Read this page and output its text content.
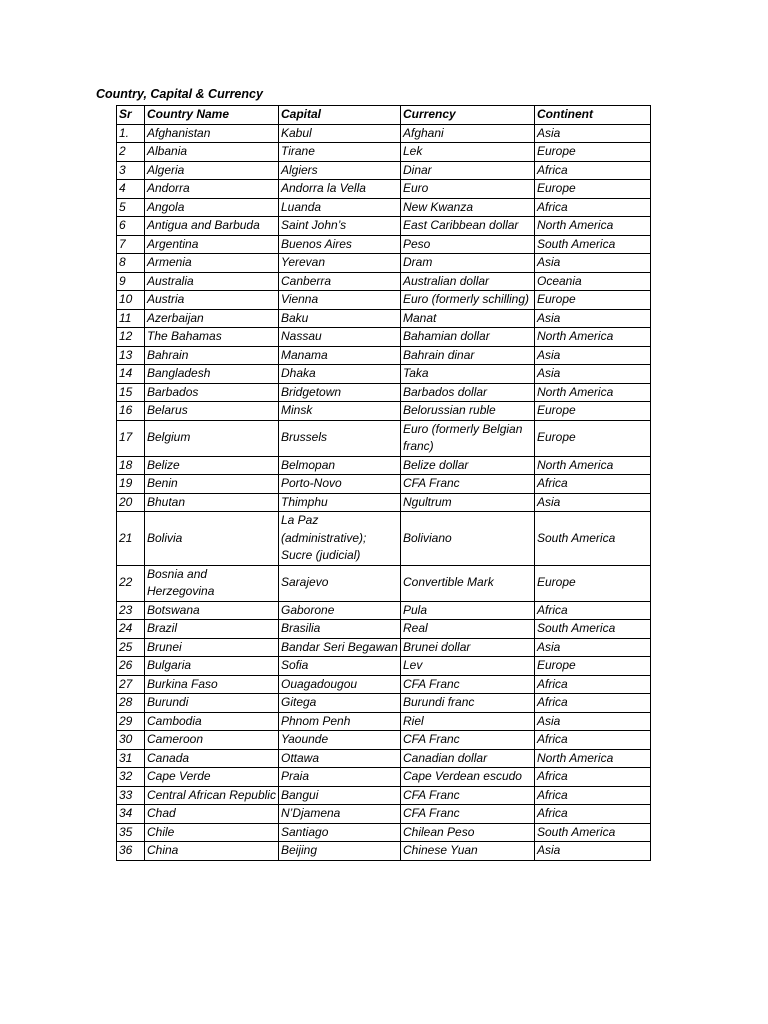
Country, Capital & Currency
Sr	Country Name	Capital	Currency	Continent
1.	Afghanistan	Kabul	Afghani	Asia
2	Albania	Tirane	Lek	Europe
3	Algeria	Algiers	Dinar	Africa
4	Andorra	Andorra la Vella	Euro	Europe
5	Angola	Luanda	New Kwanza	Africa
6	Antigua and Barbuda	Saint John’s	East Caribbean dollar	North America
7	Argentina	Buenos Aires	Peso	South America
8	Armenia	Yerevan	Dram	Asia
9	Australia	Canberra	Australian dollar	Oceania
10	Austria	Vienna	Euro (formerly schilling)	Europe
11	Azerbaijan	Baku	Manat	Asia
12	The Bahamas	Nassau	Bahamian dollar	North America
13	Bahrain	Manama	Bahrain dinar	Asia
14	Bangladesh	Dhaka	Taka	Asia
15	Barbados	Bridgetown	Barbados dollar	North America
16	Belarus	Minsk	Belorussian ruble	Europe
17	Belgium	Brussels	Euro (formerly Belgian franc)	Europe
18	Belize	Belmopan	Belize dollar	North America
19	Benin	Porto-Novo	CFA Franc	Africa
20	Bhutan	Thimphu	Ngultrum	Asia
21	Bolivia	La Paz (administrative); Sucre (judicial)	Boliviano	South America
22	Bosnia and Herzegovina	Sarajevo	Convertible Mark	Europe
23	Botswana	Gaborone	Pula	Africa
24	Brazil	Brasilia	Real	South America
25	Brunei	Bandar Seri Begawan	Brunei dollar	Asia
26	Bulgaria	Sofia	Lev	Europe
27	Burkina Faso	Ouagadougou	CFA Franc	Africa
28	Burundi	Gitega	Burundi franc	Africa
29	Cambodia	Phnom Penh	Riel	Asia
30	Cameroon	Yaounde	CFA Franc	Africa
31	Canada	Ottawa	Canadian dollar	North America
32	Cape Verde	Praia	Cape Verdean escudo	Africa
33	Central African Republic	Bangui	CFA Franc	Africa
34	Chad	N’Djamena	CFA Franc	Africa
35	Chile	Santiago	Chilean Peso	South America
36	China	Beijing	Chinese Yuan	Asia
